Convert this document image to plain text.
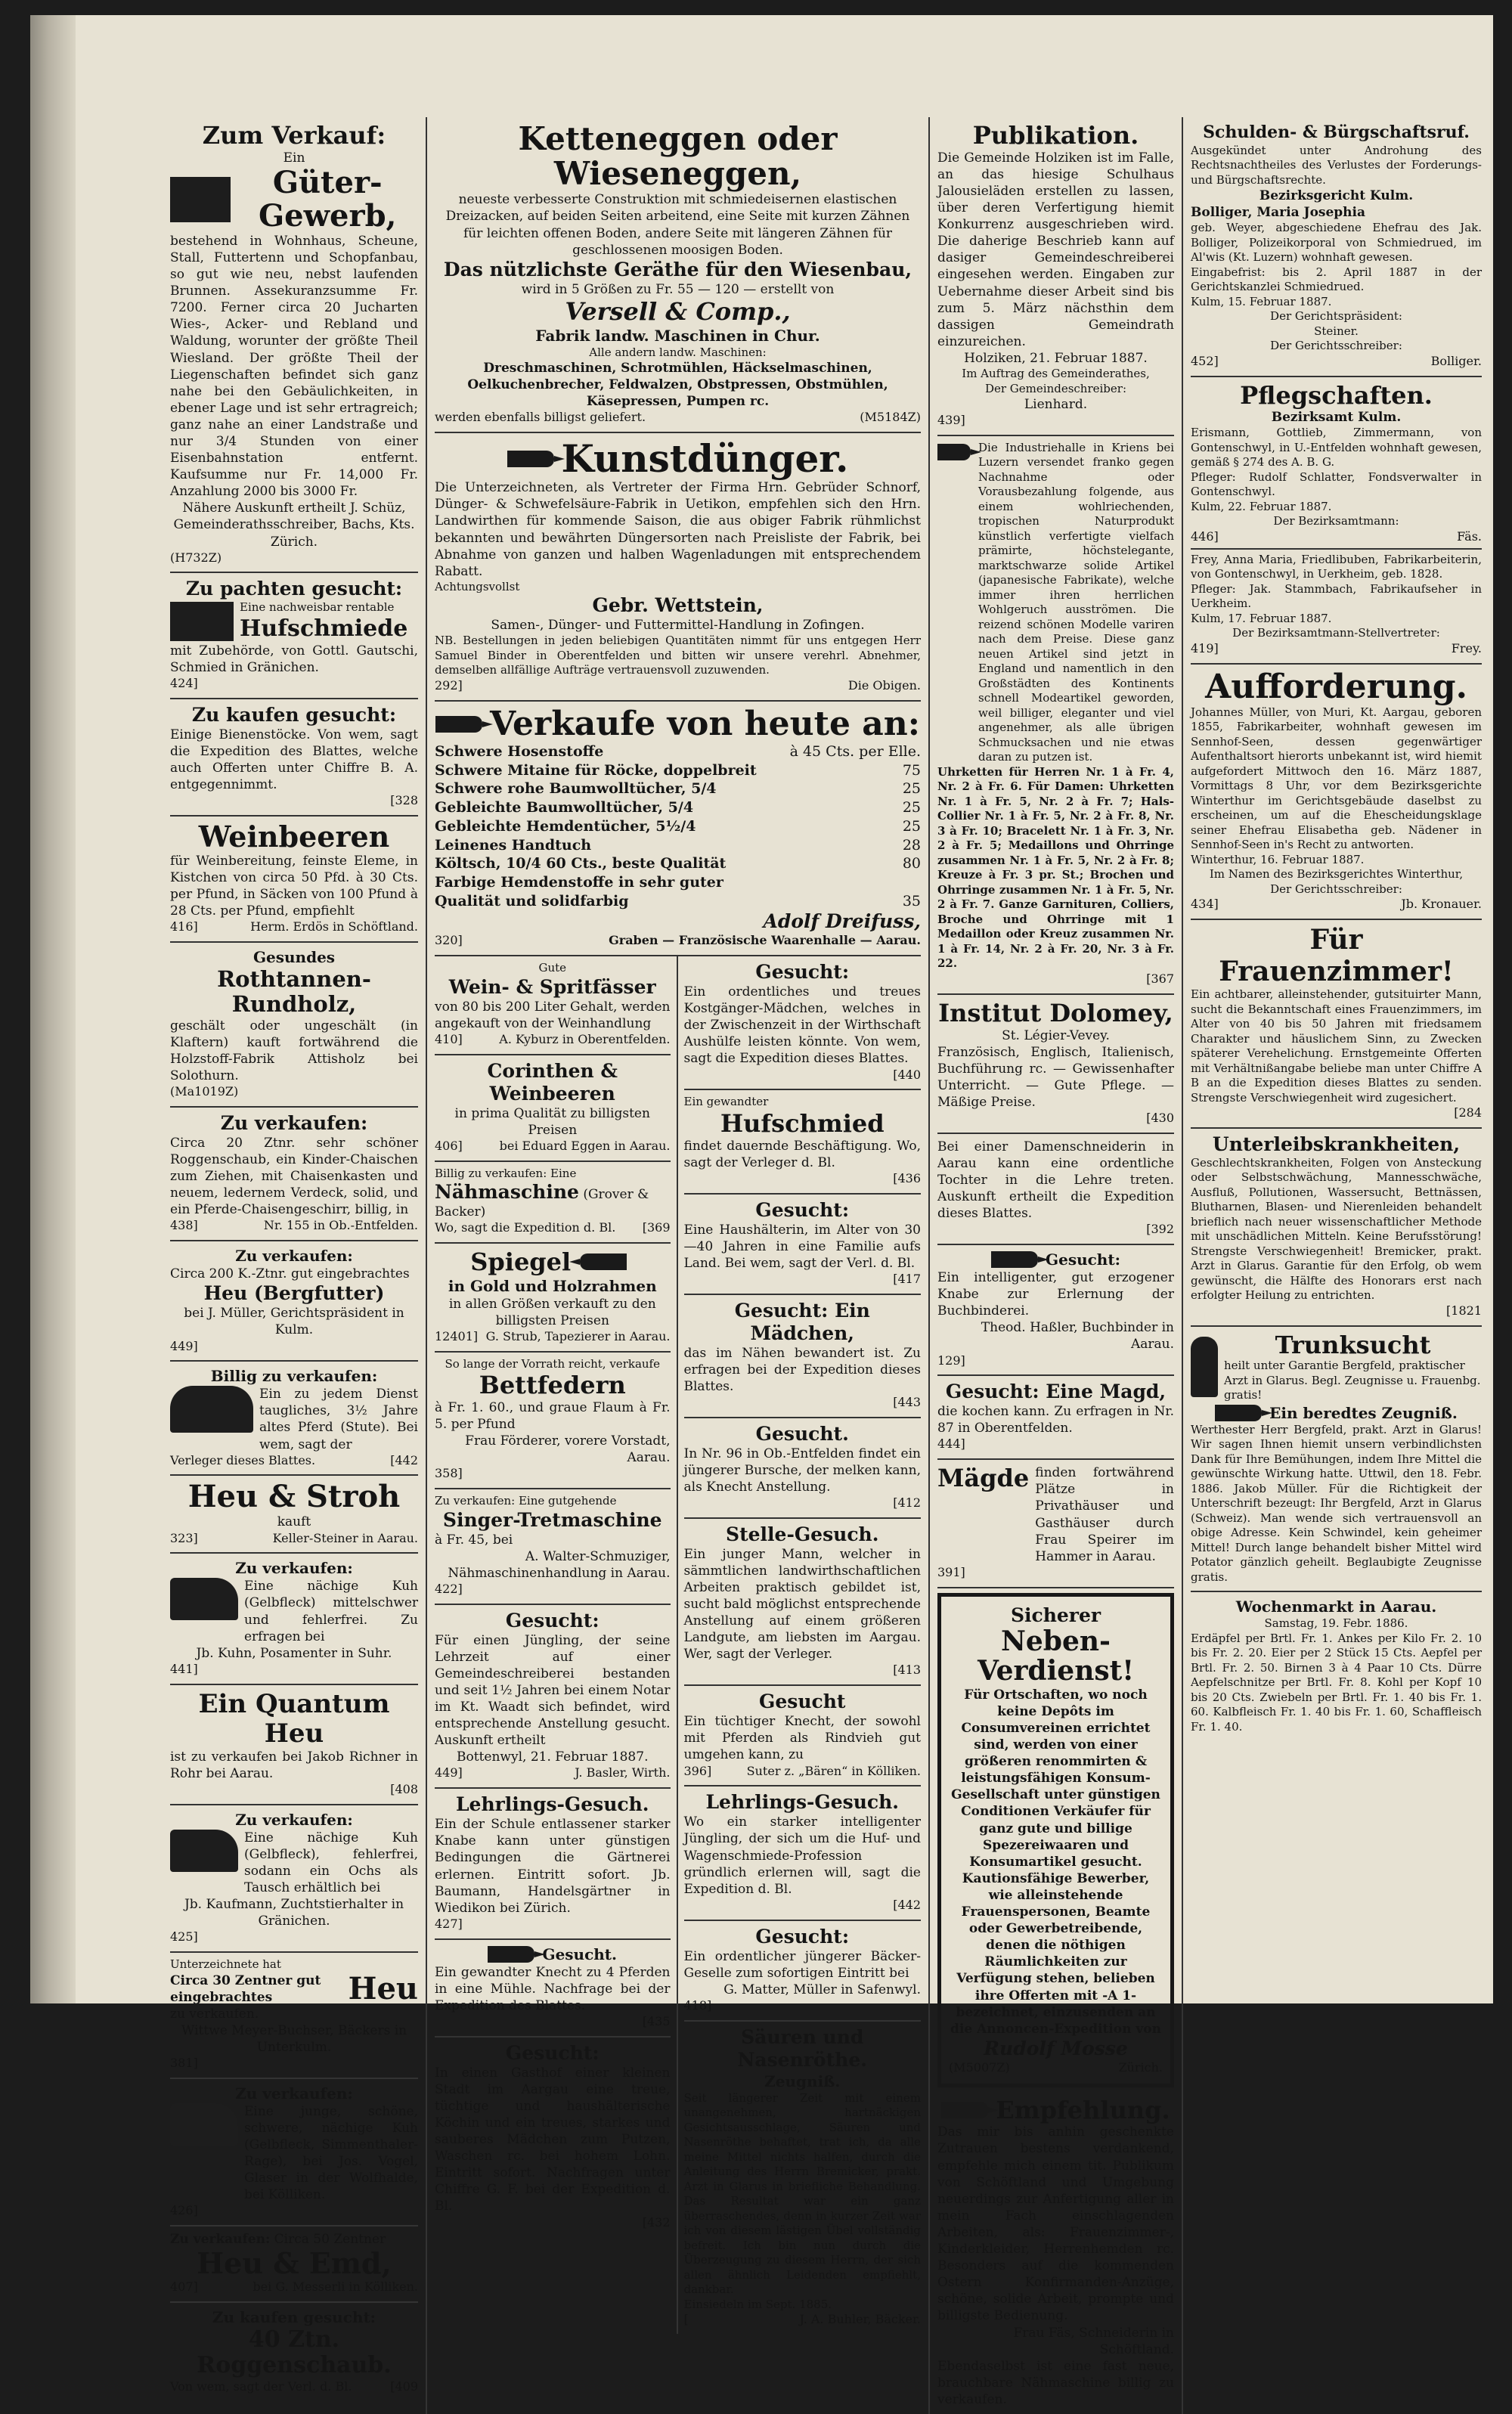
Zum Verkauf:
Ein
Güter-Gewerb,

bestehend in Wohnhaus, Scheune, Stall, Futtertenn und Schopfanbau, so gut wie neu, nebst laufenden Brunnen. Assekuranzsumme Fr. 7200. Ferner circa 20 Jucharten Wies-, Acker- und Rebland und Waldung, worunter der größte Theil Wiesland. Der größte Theil der Liegenschaften befindet sich ganz nahe bei den Gebäulichkeiten, in ebener Lage und ist sehr ertragreich; ganz nahe an einer Landstraße und nur 3/4 Stunden von einer Eisenbahnstation entfernt. Kaufsumme nur Fr. 14,000 Fr. Anzahlung 2000 bis 3000 Fr.

Nähere Auskunft ertheilt J. Schüz, Gemeinderathsschreiber, Bachs, Kts. Zürich.

(H732Z)
Zu pachten gesucht:
Eine nachweisbar rentable
Hufschmiede

mit Zubehörde, von Gottl. Gautschi, Schmied in Gränichen.

424]
Zu kaufen gesucht:

Einige Bienenstöcke. Von wem, sagt die Expedition des Blattes, welche auch Offerten unter Chiffre B. A. entgegennimmt.

[328
Weinbeeren

für Weinbereitung, feinste Eleme, in Kistchen von circa 50 Pfd. à 30 Cts. per Pfund, in Säcken von 100 Pfund à 28 Cts. per Pfund, empfiehlt

416]	Herm. Erdös in Schöftland.
Gesundes
Rothtannen-Rundholz,

geschält oder ungeschält (in Klaftern) kauft fortwährend die Holzstoff-Fabrik Attisholz bei Solothurn.

(Ma1019Z)
Zu verkaufen:

Circa 20 Ztnr. sehr schöner Roggenschaub, ein Kinder-Chaischen zum Ziehen, mit Chaisenkasten und neuem, ledernem Verdeck, solid, und ein Pferde-Chaisengeschirr, billig, in

438]	Nr. 155 in Ob.-Entfelden.
Zu verkaufen:

Circa 200 K.-Ztnr. gut eingebrachtes

Heu (Bergfutter)

bei J. Müller, Gerichtspräsident in Kulm.

449]
Billig zu verkaufen:

Ein zu jedem Dienst taugliches, 3½ Jahre altes Pferd (Stute). Bei wem, sagt der

Verleger dieses Blattes.	[442
Heu & Stroh
kauft
323]	Keller-Steiner in Aarau.
Zu verkaufen:

Eine nächige Kuh (Gelbfleck) mittelschwer und fehlerfrei. Zu erfragen bei

Jb. Kuhn, Posamenter in Suhr.

441]
Ein Quantum Heu

ist zu verkaufen bei Jakob Richner in Rohr bei Aarau.

[408
Zu verkaufen:

Eine nächige Kuh (Gelbfleck), fehlerfrei, sodann ein Ochs als Tausch erhältlich bei

Jb. Kaufmann, Zuchtstierhalter in Gränichen.

425]
Unterzeichnete hat
Circa 30 Zentner gut eingebrachtes	Heu
zu verkaufen.

Wittwe Meyer-Buchser, Bäckers in Unterkulm.

381]
Zu verkaufen:

Eine junge, schöne, schwere, nächige Kuh (Gelbfleck, Simmenthaler-Rage), bei Jos. Vogel, Glaser in der Wolfhalde, bei Kölliken.

426]
Zu verkaufen: Circa 50 Zentner
Heu & Emd,
407]	bei G. Messerli in Kölliken.
Zu kaufen gesucht:
40 Ztn. Roggenschaub.
Von wem, sagt der Verl. d. Bl.	[409
Ketteneggen oder Wieseneggen,

neueste verbesserte Construktion mit schmiedeisernen elastischen Dreizacken, auf beiden Seiten arbeitend, eine Seite mit kurzen Zähnen für leichten offenen Boden, andere Seite mit längeren Zähnen für geschlossenen moosigen Boden.

Das nützlichste Geräthe für den Wiesenbau,
wird in 5 Größen zu Fr. 55 — 120 — erstellt von
Versell & Comp.,
Fabrik landw. Maschinen in Chur.
Alle andern landw. Maschinen:

Dreschmaschinen, Schrotmühlen, Häckselmaschinen, Oelkuchenbrecher, Feldwalzen, Obstpressen, Obstmühlen, Käsepressen, Pumpen rc.

werden ebenfalls billigst geliefert.	(M5184Z)
Kunstdünger.

Die Unterzeichneten, als Vertreter der Firma Hrn. Gebrüder Schnorf, Dünger- & Schwefelsäure-Fabrik in Uetikon, empfehlen sich den Hrn. Landwirthen für kommende Saison, die aus obiger Fabrik rühmlichst bekannten und bewährten Düngersorten nach Preisliste der Fabrik, bei Abnahme von ganzen und halben Wagenladungen mit entsprechendem Rabatt.

Achtungsvollst
Gebr. Wettstein,
Samen-, Dünger- und Futtermittel-Handlung in Zofingen.

NB. Bestellungen in jeden beliebigen Quantitäten nimmt für uns entgegen Herr Samuel Binder in Oberentfelden und bitten wir unsere verehrl. Abnehmer, demselben allfällige Aufträge vertrauensvoll zuzuwenden.

292]	Die Obigen.
Verkaufe von heute an:
Schwere Hosenstoffe	à 45 Cts. per Elle.
Schwere Mitaine für Röcke, doppelbreit	75
Schwere rohe Baumwolltücher, 5/4	25
Gebleichte Baumwolltücher, 5/4	25
Gebleichte Hemdentücher, 5½/4	25
Leinenes Handtuch	28
Költsch, 10/4 60 Cts., beste Qualität	80
Farbige Hemdenstoffe in sehr guter
Qualität und solidfarbig	35
Adolf Dreifuss,
320]	Graben — Französische Waarenhalle — Aarau.
Gute
Wein- & Spritfässer

von 80 bis 200 Liter Gehalt, werden angekauft von der Weinhandlung

410]	A. Kyburz in Oberentfelden.
Corinthen & Weinbeeren

in prima Qualität zu billigsten Preisen

406]	bei Eduard Eggen in Aarau.
Billig zu verkaufen: Eine
Nähmaschine (Grover & Backer)
Wo, sagt die Expedition d. Bl. [369
Spiegel
in Gold und Holzrahmen

in allen Größen verkauft zu den billigsten Preisen

12401] G. Strub, Tapezierer in Aarau.
So lange der Vorrath reicht, verkaufe
Bettfedern

à Fr. 1. 60., und graue Flaum à Fr. 5. per Pfund

Frau Förderer, vorere Vorstadt, Aarau.

358]
Zu verkaufen: Eine gutgehende
Singer-Tretmaschine

à Fr. 45, bei

A. Walter-Schmuziger, Nähmaschinenhandlung in Aarau.

422]
Gesucht:

Für einen Jüngling, der seine Lehrzeit auf einer Gemeindeschreiberei bestanden und seit 1½ Jahren bei einem Notar im Kt. Waadt sich befindet, wird entsprechende Anstellung gesucht. Auskunft ertheilt

Bottenwyl, 21. Februar 1887.
449]	J. Basler, Wirth.
Lehrlings-Gesuch.

Ein der Schule entlassener starker Knabe kann unter günstigen Bedingungen die Gärtnerei erlernen. Eintritt sofort. Jb. Baumann, Handelsgärtner in Wiedikon bei Zürich.

427]
Gesucht.

Ein gewandter Knecht zu 4 Pferden in eine Mühle. Nachfrage bei der Expedition des Blattes.

[435
Gesucht:

In einen Gasthof einer kleinen Stadt im Aargau eine treue, tüchtige und haushälterische Köchin und ein treues, starkes und sauberes Mädchen zum Putzen, Waschen rc. bei hohem Lohn. Eintritt sofort. Nachfragen unter Chiffre G. F. bei der Expedition d. Bl.

[432
Gesucht:

Ein ordentliches und treues Kostgänger-Mädchen, welches in der Zwischenzeit in der Wirthschaft Aushülfe leisten könnte. Von wem, sagt die Expedition dieses Blattes.

[440
Ein gewandter
Hufschmied

findet dauernde Beschäftigung. Wo, sagt der Verleger d. Bl.

[436
Gesucht:

Eine Haushälterin, im Alter von 30—40 Jahren in eine Familie aufs Land. Bei wem, sagt der Verl. d. Bl.

[417
Gesucht: Ein Mädchen,

das im Nähen bewandert ist. Zu erfragen bei der Expedition dieses Blattes.

[443
Gesucht.

In Nr. 96 in Ob.-Entfelden findet ein jüngerer Bursche, der melken kann, als Knecht Anstellung.

[412
Stelle-Gesuch.

Ein junger Mann, welcher in sämmtlichen landwirthschaftlichen Arbeiten praktisch gebildet ist, sucht bald möglichst entsprechende Anstellung auf einem größeren Landgute, am liebsten im Aargau. Wer, sagt der Verleger.

[413
Gesucht

Ein tüchtiger Knecht, der sowohl mit Pferden als Rindvieh gut umgehen kann, zu

396]	Suter z. „Bären“ in Kölliken.
Lehrlings-Gesuch.

Wo ein starker intelligenter Jüngling, der sich um die Huf- und Wagenschmiede-Profession gründlich erlernen will, sagt die Expedition d. Bl.

[442
Gesucht:

Ein ordentlicher jüngerer Bäcker-Geselle zum sofortigen Eintritt bei

G. Matter, Müller in Safenwyl.

418]
Säuren und Nasenröthe.
Zeugniß.

Seit längerer Zeit mit einem unangenehmen, hartnäckigen Gesichtsausschlage, Säuren und Nasenröthe behaftet, trat ich, da alle meine Mittel nichts halfen, durch die Anleitung des Herrn Bremicker, prakt. Arzt in Glarus in briefliche Behandlung. Das Resultat war ein ganz überraschendes, denn in kurzer Zeit war ich von diesem lästigen Übel vollständig befreit. Ich bin nun durch die Überzeugung zu diesem Herrn, der sich allen ähnlich Leidenden empfiehlt, dankbar.

Einsiedeln im Sept. 1885.
[	J. A. Buhler, Bäcker.
Publikation.

Die Gemeinde Holziken ist im Falle, an das hiesige Schulhaus Jalousieläden erstellen zu lassen, über deren Verfertigung hiemit Konkurrenz ausgeschrieben wird. Die daherige Beschrieb kann auf dasiger Gemeindeschreiberei eingesehen werden. Eingaben zur Uebernahme dieser Arbeit sind bis zum 5. März nächsthin dem dassigen Gemeindrath einzureichen.

Holziken, 21. Februar 1887.
Im Auftrag des Gemeinderathes,
Der Gemeindeschreiber:
Lienhard.
439]

Die Industriehalle in Kriens bei Luzern versendet franko gegen Nachnahme oder Vorausbezahlung folgende, aus einem wohlriechenden, tropischen Naturprodukt künstlich verfertigte vielfach prämirte, höchstelegante, marktschwarze solide Artikel (japanesische Fabrikate), welche immer ihren herrlichen Wohlgeruch ausströmen. Die reizend schönen Modelle variren nach dem Preise. Diese ganz neuen Artikel sind jetzt in England und namentlich in den Großstädten des Kontinents schnell Modeartikel geworden, weil billiger, eleganter und viel angenehmer, als alle übrigen Schmucksachen und nie etwas daran zu putzen ist.

Uhrketten für Herren Nr. 1 à Fr. 4, Nr. 2 à Fr. 6. Für Damen: Uhrketten Nr. 1 à Fr. 5, Nr. 2 à Fr. 7; Hals-Collier Nr. 1 à Fr. 5, Nr. 2 à Fr. 8, Nr. 3 à Fr. 10; Bracelett Nr. 1 à Fr. 3, Nr. 2 à Fr. 5; Medaillons und Ohrringe zusammen Nr. 1 à Fr. 5, Nr. 2 à Fr. 8; Kreuze à Fr. 3 pr. St.; Brochen und Ohrringe zusammen Nr. 1 à Fr. 5, Nr. 2 à Fr. 7. Ganze Garnituren, Colliers, Broche und Ohrringe mit 1 Medaillon oder Kreuz zusammen Nr. 1 à Fr. 14, Nr. 2 à Fr. 20, Nr. 3 à Fr. 22.

[367
Institut Dolomey,
St. Légier-Vevey.

Französisch, Englisch, Italienisch, Buchführung rc. — Gewissenhafter Unterricht. — Gute Pflege. — Mäßige Preise.

[430

Bei einer Damenschneiderin in Aarau kann eine ordentliche Tochter in die Lehre treten. Auskunft ertheilt die Expedition dieses Blattes.

[392
Gesucht:

Ein intelligenter, gut erzogener Knabe zur Erlernung der Buchbinderei.

Theod. Haßler, Buchbinder in Aarau.

129]
Gesucht: Eine Magd,

die kochen kann. Zu erfragen in Nr. 87 in Oberentfelden.

444]
Mägde finden fortwährend Plätze in Privathäuser und Gasthäuser durch Frau Speirer im Hammer in Aarau.

391]
Sicherer
Neben-Verdienst!

Für Ortschaften, wo noch keine Depôts im Consumvereinen errichtet sind, werden von einer größeren renommirten & leistungsfähigen Konsum-Gesellschaft unter günstigen Conditionen Verkäufer für ganz gute und billige Spezereiwaaren und Konsumartikel gesucht. Kautionsfähige Bewerber, wie alleinstehende Frauenspersonen, Beamte oder Gewerbetreibende, denen die nöthigen Räumlichkeiten zur Verfügung stehen, belieben ihre Offerten mit -A 1- bezeichnet, einzusenden an die Annoncen-Expedition von

Rudolf Mosse
(M5007Z)	Zürich.
Empfehlung.

Das mir bis anhin geschenkte Zutrauen bestens verdankend, empfehle mich einem tit. Publikum von Schöftland und Umgebung neuerdings zur Anfertigung aller in mein Fach einschlagenden Arbeiten, als: Frauenzimmer-, Kinderkleider, Herrenhemden rc. Besonders auf die kommenden Ostern Konfirmanden-Anzüge, schöne, solide Arbeit, prompte und billigste Bedienung.

Frau Fäs, Schneiderin in Schöftland.

Ebendaselbst ist eine fast neue, brauchbare Nähmaschine billig zu verkaufen.

Schulden- & Bürgschaftsruf.

Ausgekündet unter Androhung des Rechtsnachtheiles des Verlustes der Forderungs- und Bürgschaftsrechte.

Bezirksgericht Kulm.
Bolliger, Maria Josephia

geb. Weyer, abgeschiedene Ehefrau des Jak. Bolliger, Polizeikorporal von Schmiedrued, im Al'wis (Kt. Luzern) wohnhaft gewesen.

Eingabefrist: bis 2. April 1887 in der Gerichtskanzlei Schmiedrued.

Kulm, 15. Februar 1887.
Der Gerichtspräsident:
Steiner.
Der Gerichtsschreiber:
452]	Bolliger.
Pflegschaften.
Bezirksamt Kulm.

Erismann, Gottlieb, Zimmermann, von Gontenschwyl, in U.-Entfelden wohnhaft gewesen, gemäß § 274 des A. B. G.

Pfleger: Rudolf Schlatter, Fondsverwalter in Gontenschwyl.

Kulm, 22. Februar 1887.
Der Bezirksamtmann:
446]	Fäs.

Frey, Anna Maria, Friedlibuben, Fabrikarbeiterin, von Gontenschwyl, in Uerkheim, geb. 1828.

Pfleger: Jak. Stammbach, Fabrikaufseher in Uerkheim.

Kulm, 17. Februar 1887.
Der Bezirksamtmann-Stellvertreter:
419]	Frey.
Aufforderung.

Johannes Müller, von Muri, Kt. Aargau, geboren 1855, Fabrikarbeiter, wohnhaft gewesen im Sennhof-Seen, dessen gegenwärtiger Aufenthaltsort hierorts unbekannt ist, wird hiemit aufgefordert Mittwoch den 16. März 1887, Vormittags 8 Uhr, vor dem Bezirksgerichte Winterthur im Gerichtsgebäude daselbst zu erscheinen, um auf die Ehescheidungsklage seiner Ehefrau Elisabetha geb. Nädener in Sennhof-Seen in's Recht zu antworten.

Winterthur, 16. Februar 1887.
Im Namen des Bezirksgerichtes Winterthur,
Der Gerichtsschreiber:
434]	Jb. Kronauer.
Für Frauenzimmer!

Ein achtbarer, alleinstehender, gutsituirter Mann, sucht die Bekanntschaft eines Frauenzimmers, im Alter von 40 bis 50 Jahren mit friedsamem Charakter und häuslichem Sinn, zu Zwecken späterer Verehelichung. Ernstgemeinte Offerten mit Verhältnißangabe beliebe man unter Chiffre A B an die Expedition dieses Blattes zu senden. Strengste Verschwiegenheit wird zugesichert.

[284
Unterleibskrankheiten,

Geschlechtskrankheiten, Folgen von Ansteckung oder Selbstschwächung, Mannesschwäche, Ausfluß, Pollutionen, Wassersucht, Bettnässen, Blutharnen, Blasen- und Nierenleiden behandelt brieflich nach neuer wissenschaftlicher Methode mit unschädlichen Mitteln. Keine Berufsstörung! Strengste Verschwiegenheit! Bremicker, prakt. Arzt in Glarus. Garantie für den Erfolg, ob wem gewünscht, die Hälfte des Honorars erst nach erfolgter Heilung zu entrichten.

[1821
Trunksucht

heilt unter Garantie Bergfeld, praktischer Arzt in Glarus. Begl. Zeugnisse u. Frauenbg. gratis!

Ein beredtes Zeugniß.

Werthester Herr Bergfeld, prakt. Arzt in Glarus! Wir sagen Ihnen hiemit unsern verbindlichsten Dank für Ihre Bemühungen, indem Ihre Mittel die gewünschte Wirkung hatte. Uttwil, den 18. Febr. 1886. Jakob Müller. Für die Richtigkeit der Unterschrift bezeugt: Ihr Bergfeld, Arzt in Glarus (Schweiz). Man wende sich vertrauensvoll an obige Adresse. Kein Schwindel, kein geheimer Mittel! Durch lange behandelt bisher Mittel wird Potator gänzlich geheilt. Beglaubigte Zeugnisse gratis.

Wochenmarkt in Aarau.
Samstag, 19. Febr. 1886.

Erdäpfel per Brtl. Fr. 1. Ankes per Kilo Fr. 2. 10 bis Fr. 2. 20. Eier per 2 Stück 15 Cts. Aepfel per Brtl. Fr. 2. 50. Birnen 3 à 4 Paar 10 Cts. Dürre Aepfelschnitze per Brtl. Fr. 8. Kohl per Kopf 10 bis 20 Cts. Zwiebeln per Brtl. Fr. 1. 40 bis Fr. 1. 60. Kalbfleisch Fr. 1. 40 bis Fr. 1. 60, Schaffleisch Fr. 1. 40.
